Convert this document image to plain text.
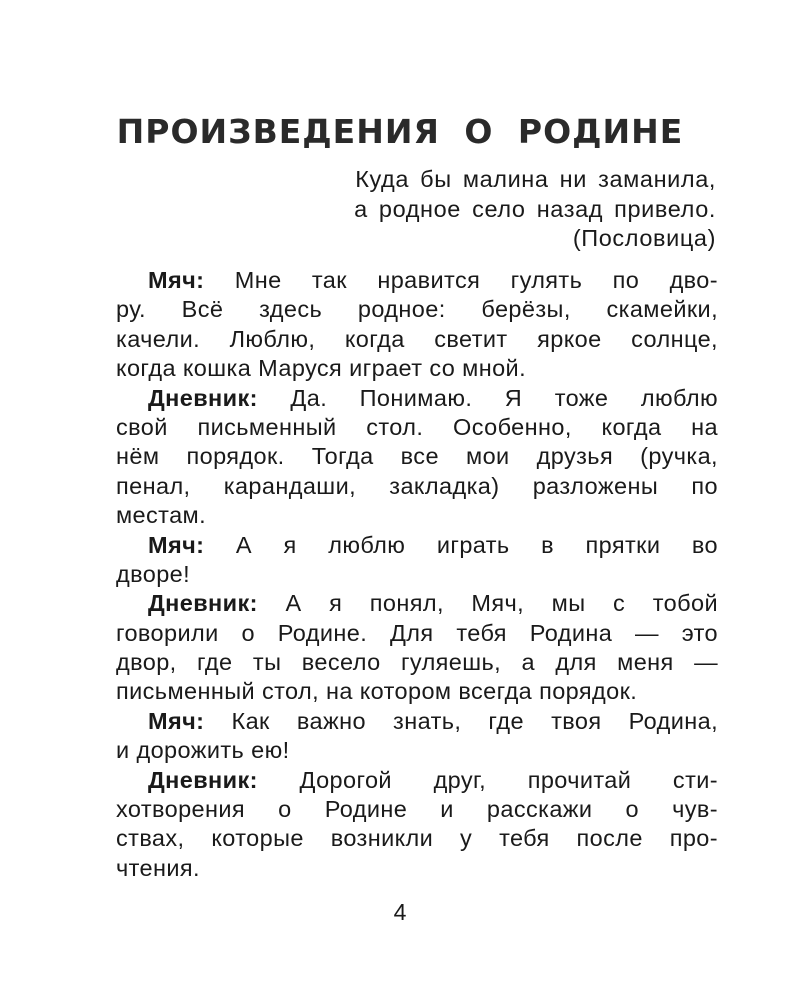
ПРОИЗВЕДЕНИЯ О РОДИНЕ
Куда бы малина ни заманила,
а родное село назад привело.
(Пословица)
Мяч: Мне так нравится гулять по дво-
ру. Всё здесь родное: берёзы, скамейки,
качели. Люблю, когда светит яркое солнце,
когда кошка Маруся играет со мной.
Дневник: Да. Понимаю. Я тоже люблю
свой письменный стол. Особенно, когда на
нём порядок. Тогда все мои друзья (ручка,
пенал, карандаши, закладка) разложены по
местам.
Мяч: А я люблю играть в прятки во
дворе!
Дневник: А я понял, Мяч, мы с тобой
говорили о Родине. Для тебя Родина — это
двор, где ты весело гуляешь, а для меня —
письменный стол, на котором всегда порядок.
Мяч: Как важно знать, где твоя Родина,
и дорожить ею!
Дневник: Дорогой друг, прочитай сти-
хотворения о Родине и расскажи о чув-
ствах, которые возникли у тебя после про-
чтения.
4
